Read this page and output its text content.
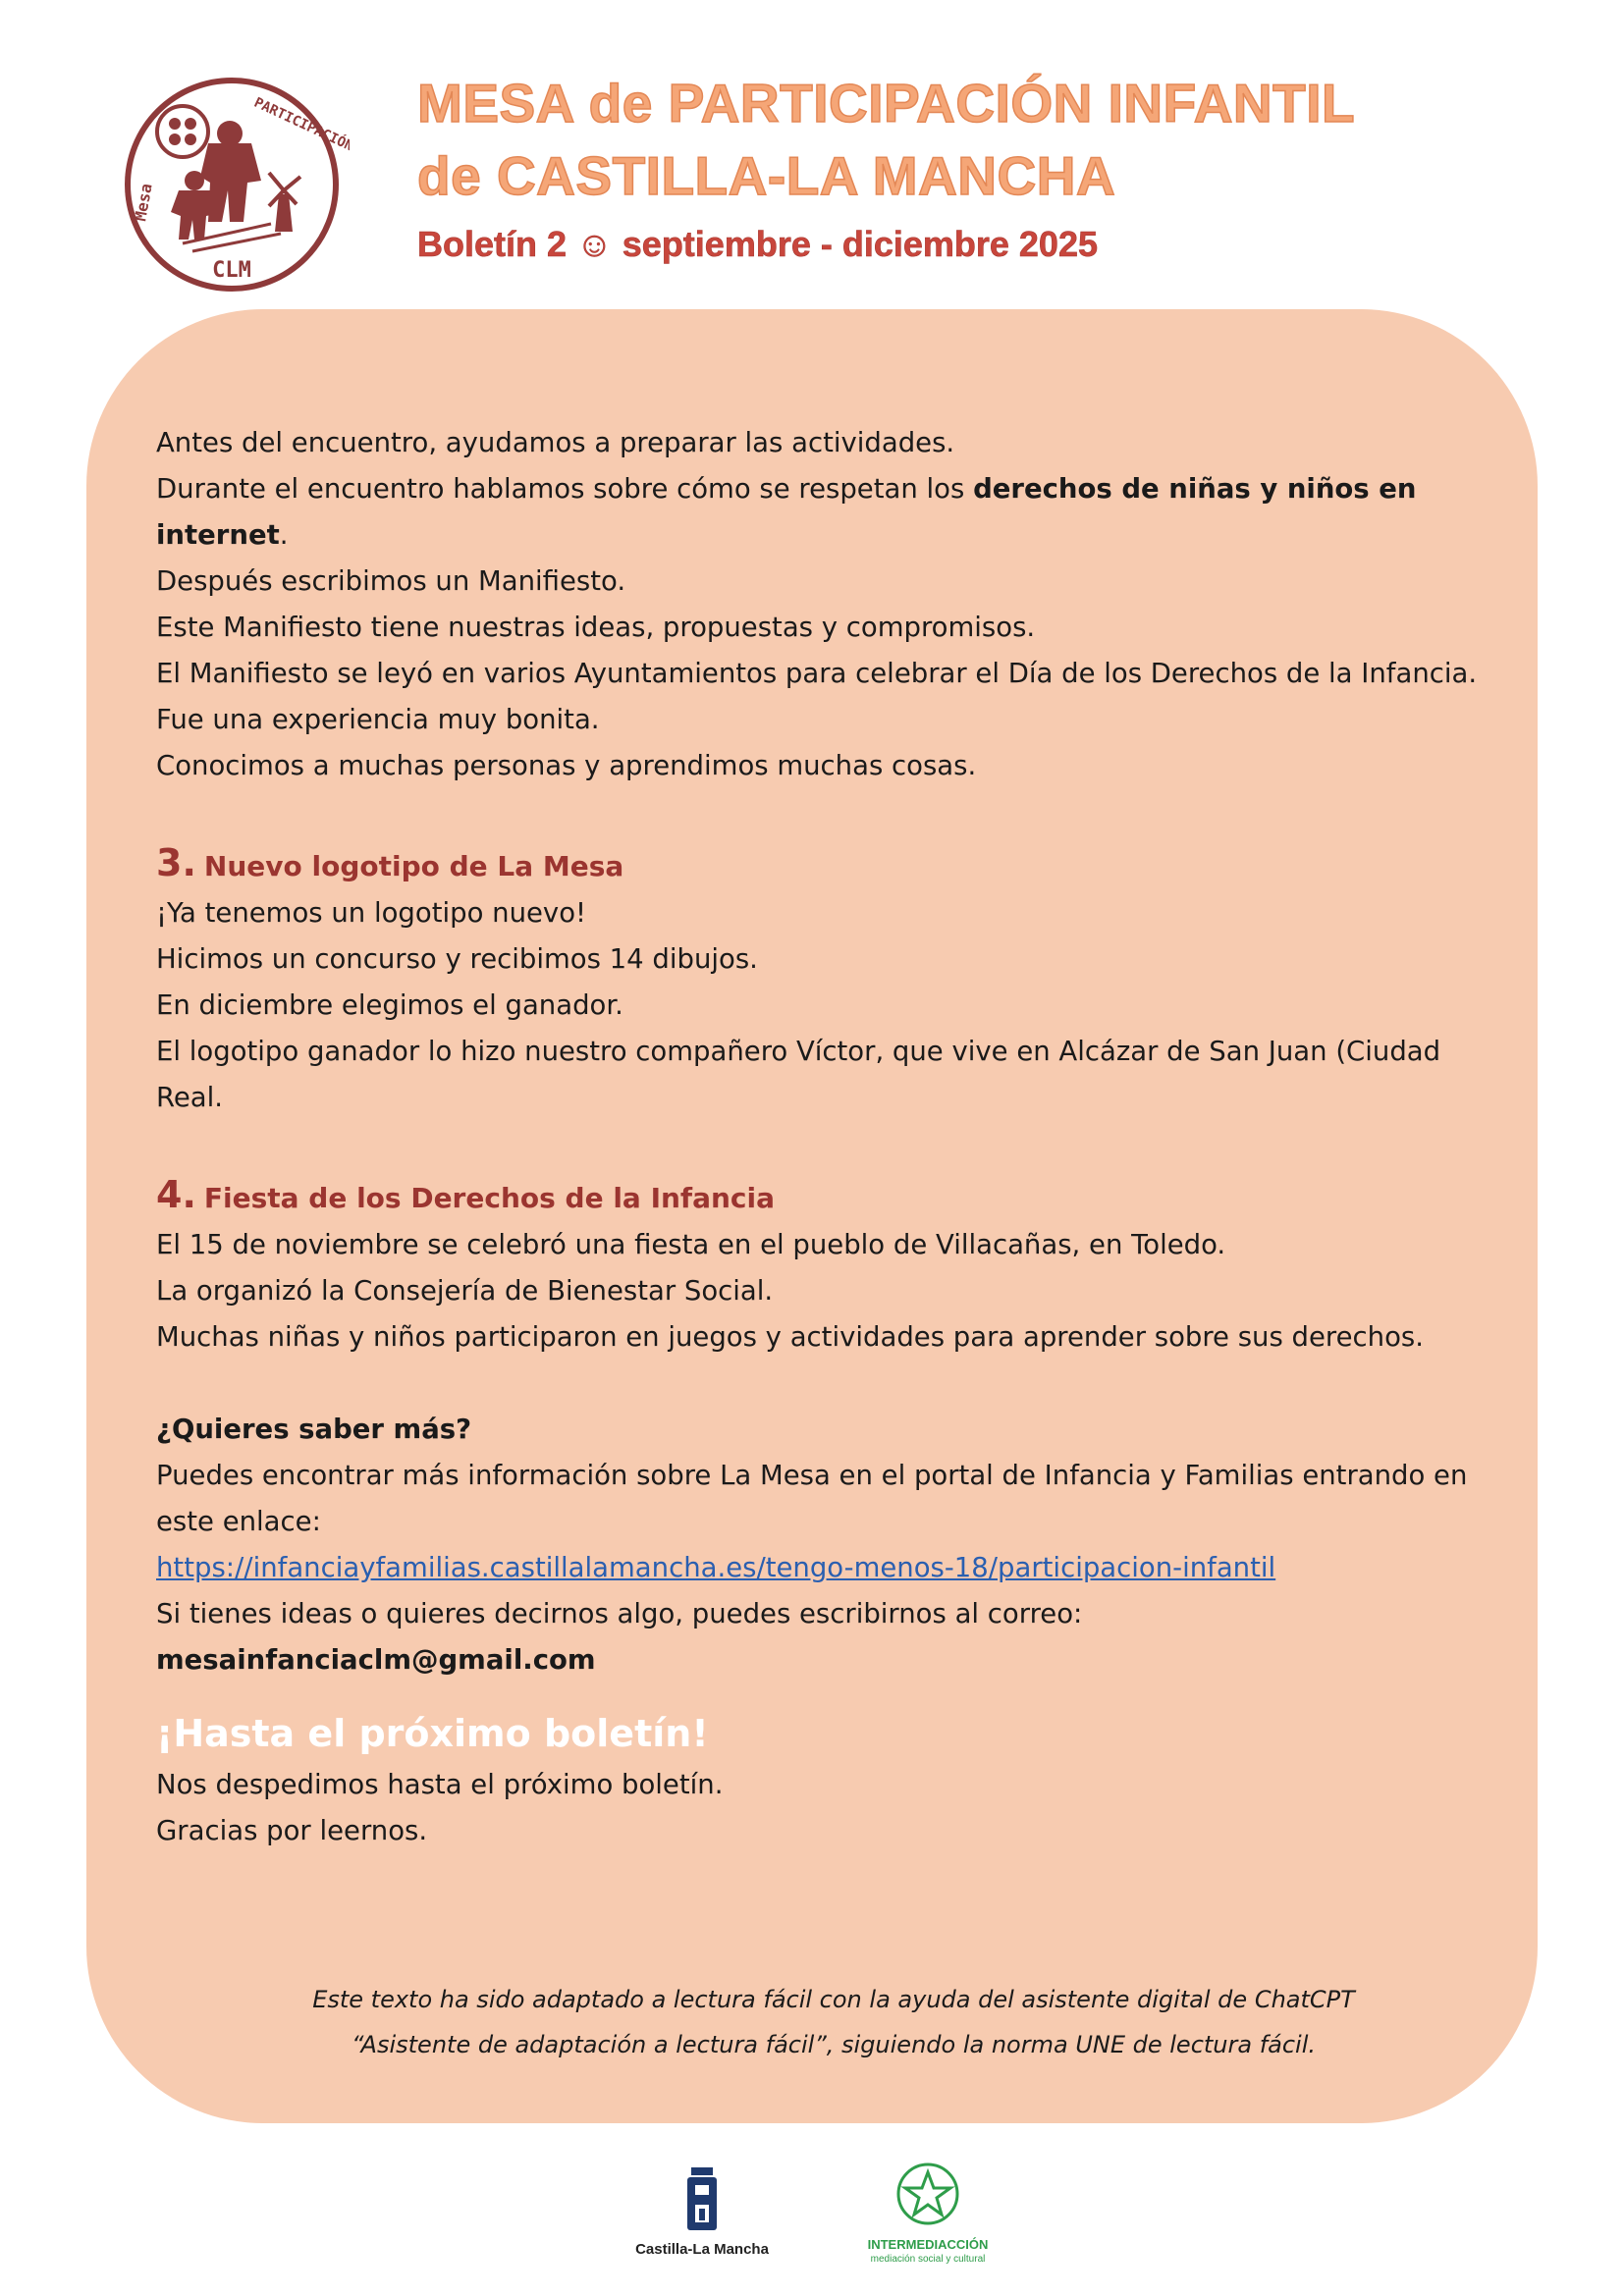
CLM
PARTICIPACIÓN
Mesa
MESA de PARTICIPACIÓN INFANTIL
de CASTILLA-LA MANCHA
Boletín 2 ☺ septiembre - diciembre 2025

Antes del encuentro, ayudamos a preparar las actividades.

Durante el encuentro hablamos sobre cómo se respetan los derechos de niñas y niños en internet.

Después escribimos un Manifiesto.

Este Manifiesto tiene nuestras ideas, propuestas y compromisos.

El Manifiesto se leyó en varios Ayuntamientos para celebrar el Día de los Derechos de la Infancia.

Fue una experiencia muy bonita.

Conocimos a muchas personas y aprendimos muchas cosas.

3. Nuevo logotipo de La Mesa

¡Ya tenemos un logotipo nuevo!

Hicimos un concurso y recibimos 14 dibujos.

En diciembre elegimos el ganador.

El logotipo ganador lo hizo nuestro compañero Víctor, que vive en Alcázar de San Juan (Ciudad Real.

4. Fiesta de los Derechos de la Infancia

El 15 de noviembre se celebró una fiesta en el pueblo de Villacañas, en Toledo.

La organizó la Consejería de Bienestar Social.

Muchas niñas y niños participaron en juegos y actividades para aprender sobre sus derechos.

¿Quieres saber más?

Puedes encontrar más información sobre La Mesa en el portal de Infancia y Familias entrando en este enlace:

https://infanciayfamilias.castillalamancha.es/tengo-menos-18/participacion-infantil

Si tienes ideas o quieres decirnos algo, puedes escribirnos al correo:

mesainfanciaclm@gmail.com

¡Hasta el próximo boletín!

Nos despedimos hasta el próximo boletín.

Gracias por leernos.

Este texto ha sido adaptado a lectura fácil con la ayuda del asistente digital de ChatCPT

“Asistente de adaptación a lectura fácil”, siguiendo la norma UNE de lectura fácil.

Castilla-La Mancha	INTERMEDIACCIÓN
mediación social y cultural
